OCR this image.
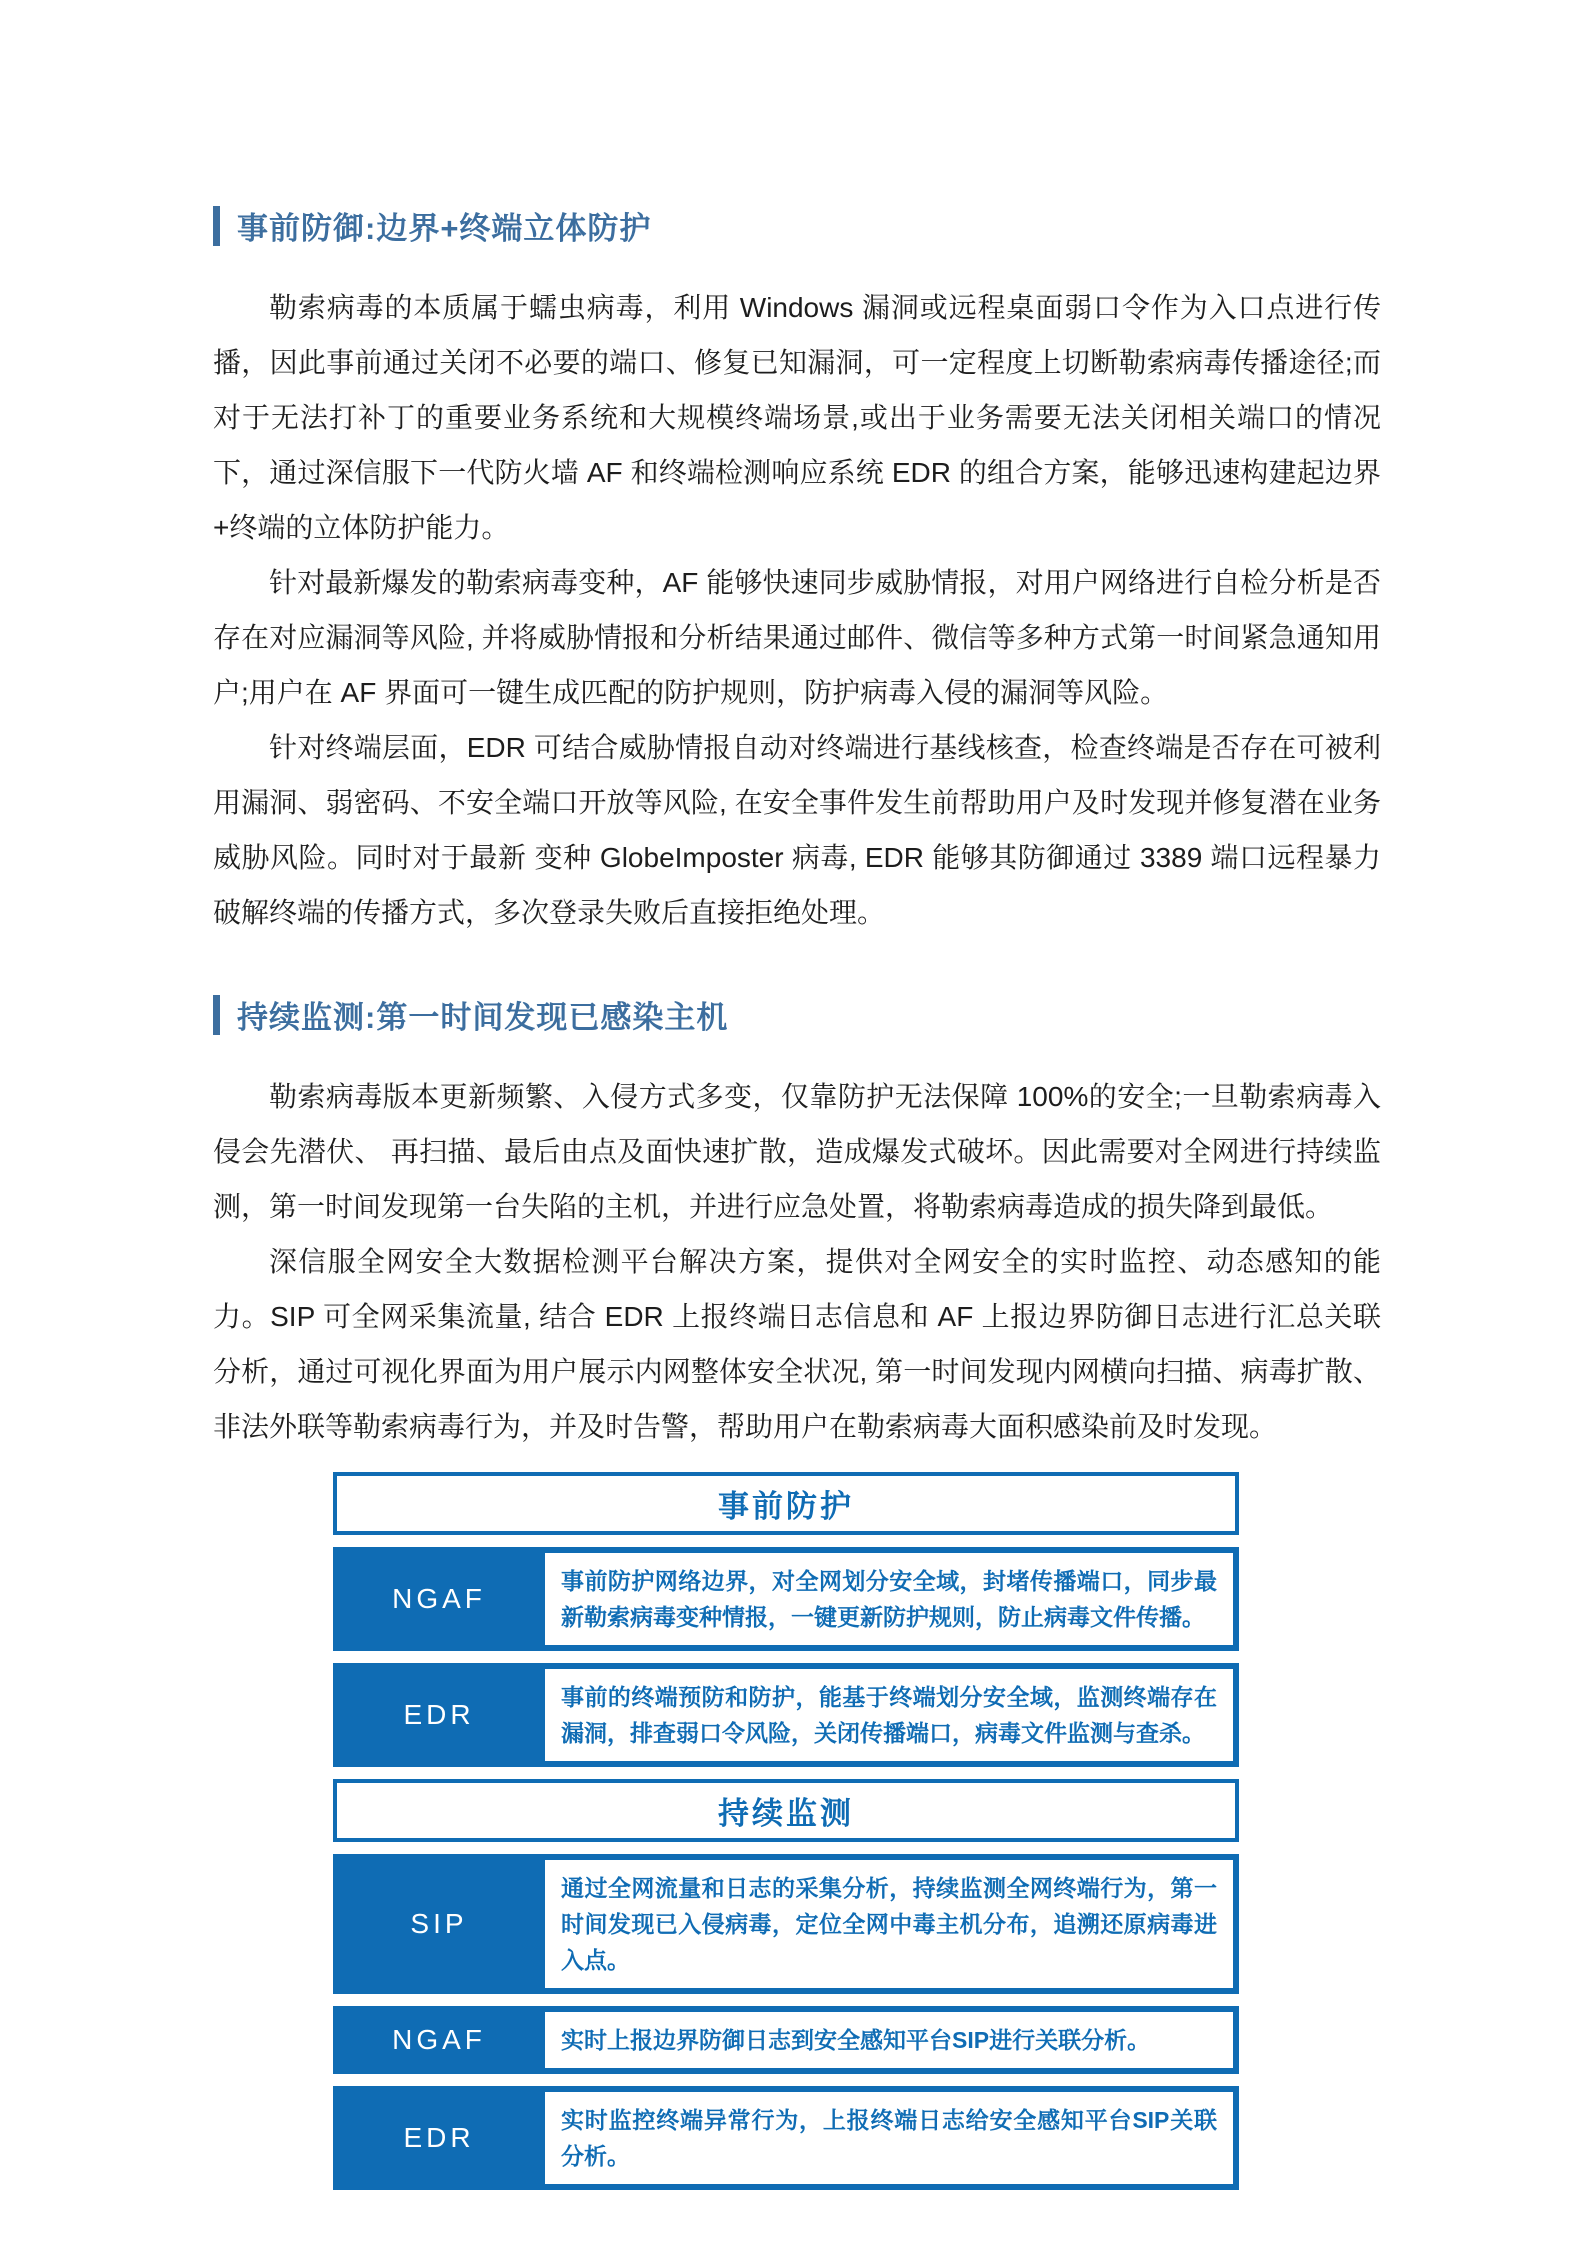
事前防御:边界+终端立体防护

勒索病毒的本质属于蠕虫病毒，利用 Windows 漏洞或远程桌面弱口令作为入口点进行传播，因此事前通过关闭不必要的端口、修复已知漏洞，可一定程度上切断勒索病毒传播途径;而对于无法打补丁的重要业务系统和大规模终端场景,或出于业务需要无法关闭相关端口的情况下，通过深信服下一代防火墙 AF 和终端检测响应系统 EDR 的组合方案，能够迅速构建起边界+终端的立体防护能力。

针对最新爆发的勒索病毒变种，AF 能够快速同步威胁情报，对用户网络进行自检分析是否存在对应漏洞等风险, 并将威胁情报和分析结果通过邮件、微信等多种方式第一时间紧急通知用户;用户在 AF 界面可一键生成匹配的防护规则，防护病毒入侵的漏洞等风险。

针对终端层面，EDR 可结合威胁情报自动对终端进行基线核查，检查终端是否存在可被利用漏洞、弱密码、不安全端口开放等风险, 在安全事件发生前帮助用户及时发现并修复潜在业务威胁风险。同时对于最新 变种 GlobeImposter 病毒, EDR 能够其防御通过 3389 端口远程暴力破解终端的传播方式，多次登录失败后直接拒绝处理。

持续监测:第一时间发现已感染主机

勒索病毒版本更新频繁、入侵方式多变，仅靠防护无法保障 100%的安全;一旦勒索病毒入侵会先潜伏、 再扫描、最后由点及面快速扩散，造成爆发式破坏。因此需要对全网进行持续监测，第一时间发现第一台失陷的主机，并进行应急处置，将勒索病毒造成的损失降到最低。

深信服全网安全大数据检测平台解决方案，提供对全网安全的实时监控、动态感知的能力。SIP 可全网采集流量, 结合 EDR 上报终端日志信息和 AF 上报边界防御日志进行汇总关联分析，通过可视化界面为用户展示内网整体安全状况, 第一时间发现内网横向扫描、病毒扩散、非法外联等勒索病毒行为，并及时告警，帮助用户在勒索病毒大面积感染前及时发现。

事前防护
NGAF
事前防护网络边界，对全网划分安全域，封堵传播端口，同步最新勒索病毒变种情报，一键更新防护规则，防止病毒文件传播。
EDR
事前的终端预防和防护，能基于终端划分安全域，监测终端存在漏洞，排查弱口令风险，关闭传播端口，病毒文件监测与查杀。
持续监测
SIP
通过全网流量和日志的采集分析，持续监测全网终端行为，第一时间发现已入侵病毒，定位全网中毒主机分布，追溯还原病毒进入点。
NGAF	实时上报边界防御日志到安全感知平台SIP进行关联分析。
EDR
实时监控终端异常行为，上报终端日志给安全感知平台SIP关联分析。
